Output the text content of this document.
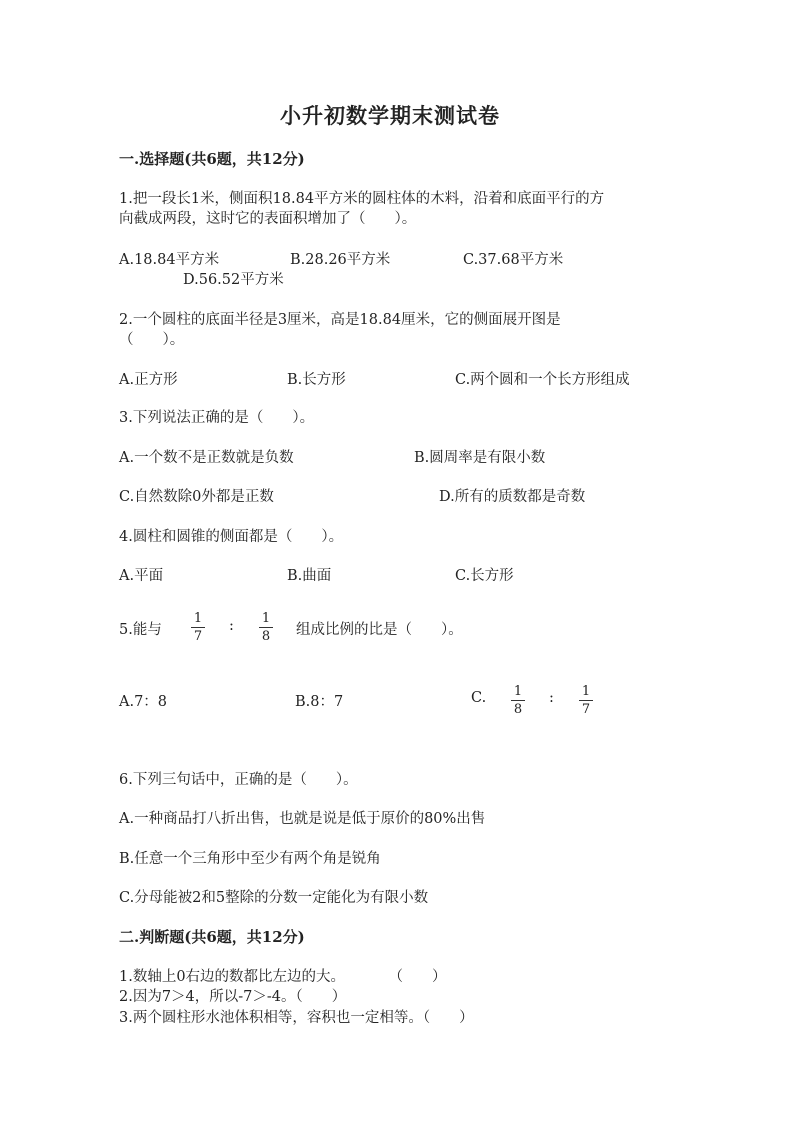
小升初数学期末测试卷
一.选择题(共6题，共12分)
1.把一段长1米，侧面积18.84平方米的圆柱体的木料，沿着和底面平行的方
向截成两段，这时它的表面积增加了（　　）。
A.18.84平方米	B.28.26平方米	C.37.68平方米
D.56.52平方米
2.一个圆柱的底面半径是3厘米，高是18.84厘米，它的侧面展开图是
（　　）。
A.正方形	B.长方形	C.两个圆和一个长方形组成
3.下列说法正确的是（　　）。
A.一个数不是正数就是负数	B.圆周率是有限小数
C.自然数除0外都是正数	D.所有的质数都是奇数
4.圆柱和圆锥的侧面都是（　　）。
A.平面	B.曲面	C.长方形
5.能与
1
7
: 1
8 组成比例的比是（　　）。
A.7：8	B.8：7	C. 1
8
: 1
7
6.下列三句话中，正确的是（　　）。
A.一种商品打八折出售，也就是说是低于原价的80%出售
B.任意一个三角形中至少有两个角是锐角
C.分母能被2和5整除的分数一定能化为有限小数
二.判断题(共6题，共12分)
1.数轴上0右边的数都比左边的大。　　　　（　　）
2.因为7＞4，所以-7＞-4。（　　）
3.两个圆柱形水池体积相等，容积也一定相等。（　　）
